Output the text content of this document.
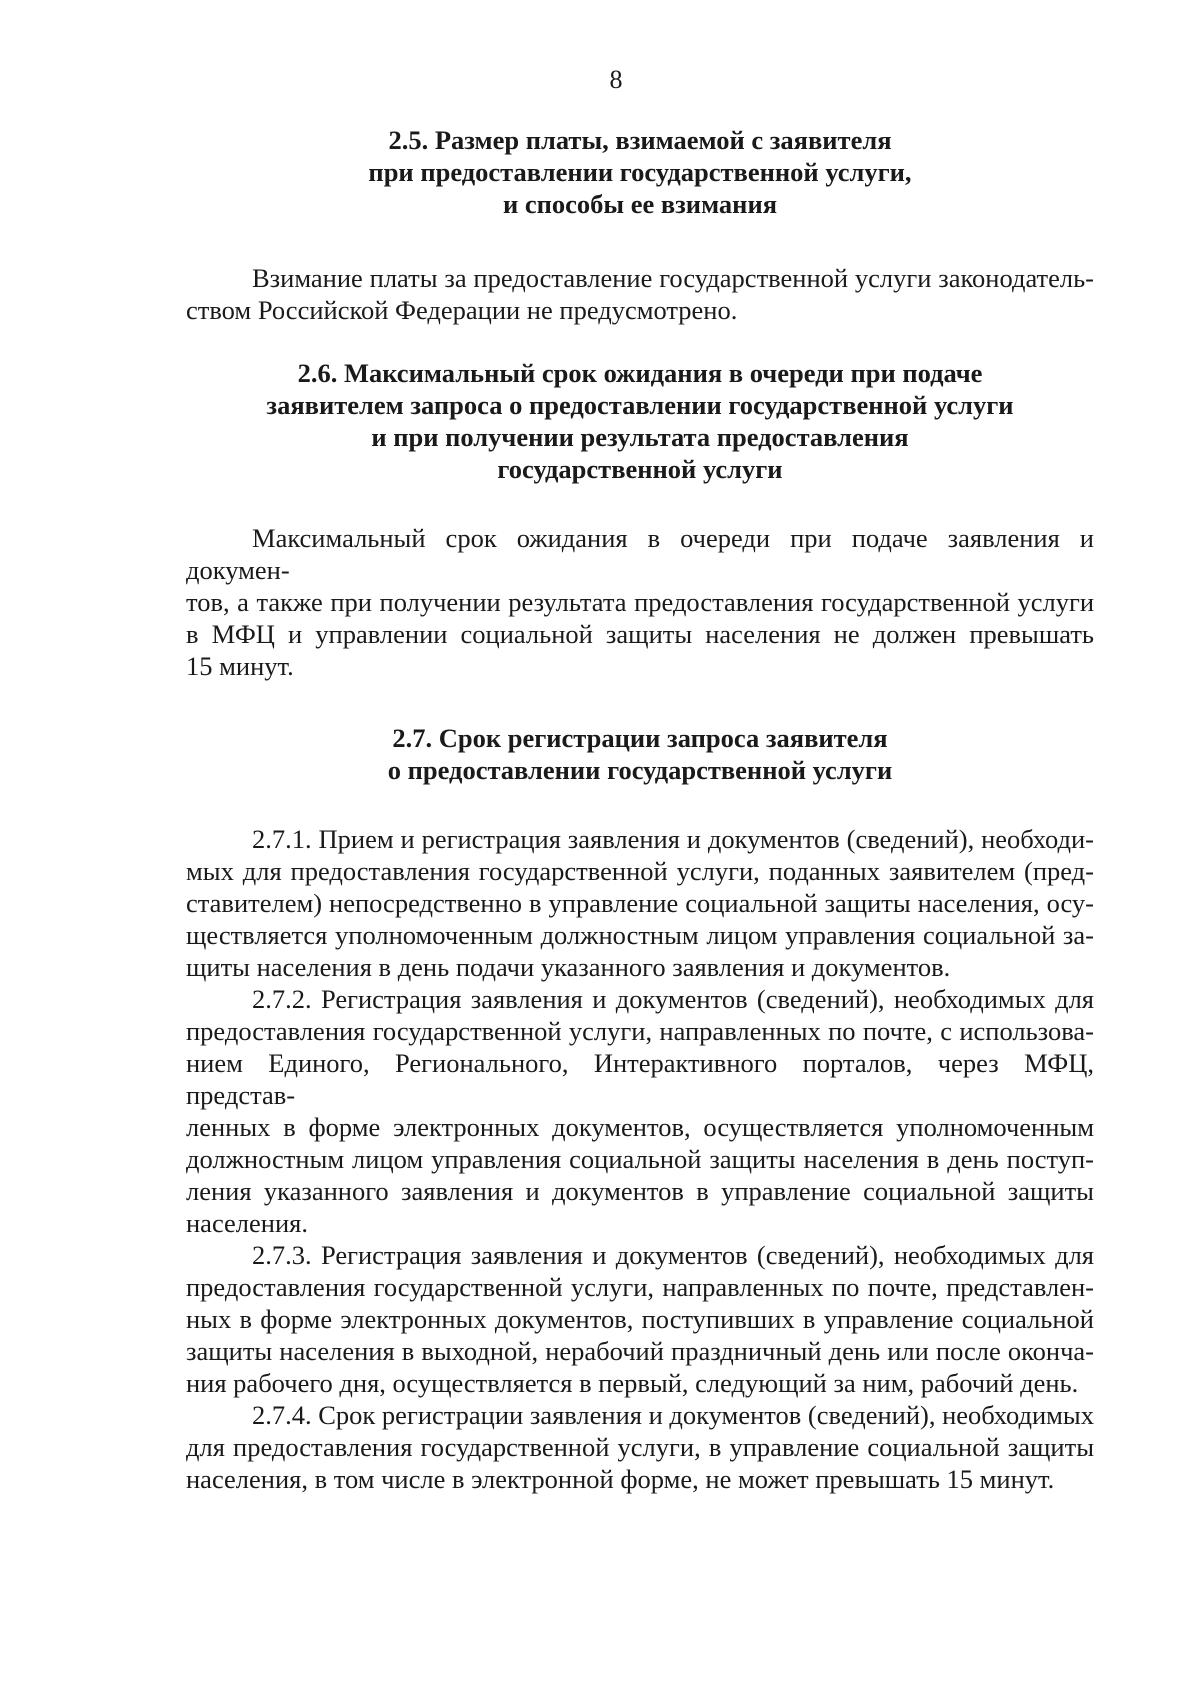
8
2.5. Размер платы, взимаемой с заявителя
при предоставлении государственной услуги,
и способы ее взимания
Взимание платы за предоставление государственной услуги законодатель-
ством Российской Федерации не предусмотрено.
2.6. Максимальный срок ожидания в очереди при подаче
заявителем запроса о предоставлении государственной услуги
и при получении результата предоставления
государственной услуги
Максимальный срок ожидания в очереди при подаче заявления и докумен-
тов, а также при получении результата предоставления государственной услуги
в МФЦ и управлении социальной защиты населения не должен превышать
15 минут.
2.7. Срок регистрации запроса заявителя
о предоставлении государственной услуги
2.7.1. Прием и регистрация заявления и документов (сведений), необходи-
мых для предоставления государственной услуги, поданных заявителем (пред-
ставителем) непосредственно в управление социальной защиты населения, осу-
ществляется уполномоченным должностным лицом управления социальной за-
щиты населения в день подачи указанного заявления и документов.
2.7.2. Регистрация заявления и документов (сведений), необходимых для
предоставления государственной услуги, направленных по почте, с использова-
нием Единого, Регионального, Интерактивного порталов, через МФЦ, представ-
ленных в форме электронных документов, осуществляется уполномоченным
должностным лицом управления социальной защиты населения в день поступ-
ления указанного заявления и документов в управление социальной защиты
населения.
2.7.3. Регистрация заявления и документов (сведений), необходимых для
предоставления государственной услуги, направленных по почте, представлен-
ных в форме электронных документов, поступивших в управление социальной
защиты населения в выходной, нерабочий праздничный день или после оконча-
ния рабочего дня, осуществляется в первый, следующий за ним, рабочий день.
2.7.4. Срок регистрации заявления и документов (сведений), необходимых
для предоставления государственной услуги, в управление социальной защиты
населения, в том числе в электронной форме, не может превышать 15 минут.
